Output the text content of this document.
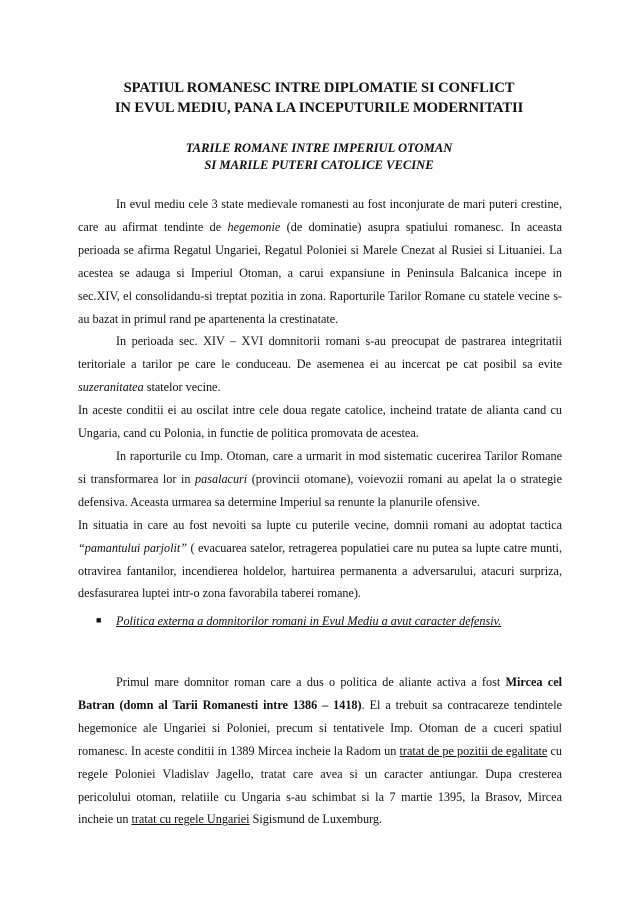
SPATIUL ROMANESC INTRE DIPLOMATIE SI CONFLICT
IN EVUL MEDIU, PANA LA INCEPUTURILE MODERNITATII
TARILE ROMANE INTRE IMPERIUL OTOMAN
SI MARILE PUTERI CATOLICE VECINE

In evul mediu cele 3 state medievale romanesti au fost inconjurate de mari puteri crestine, care au afirmat tendinte de hegemonie (de dominatie) asupra spatiului romanesc. In aceasta perioada se afirma Regatul Ungariei, Regatul Poloniei si Marele Cnezat al Rusiei si Lituaniei. La acestea se adauga si Imperiul Otoman, a carui expansiune in Peninsula Balcanica incepe in sec.XIV, el consolidandu-si treptat pozitia in zona. Raporturile Tarilor Romane cu statele vecine s-au bazat in primul rand pe apartenenta la crestinatate.

In perioada sec. XIV – XVI domnitorii romani s-au preocupat de pastrarea integritatii teritoriale a tarilor pe care le conduceau. De asemenea ei au incercat pe cat posibil sa evite suzeranitatea statelor vecine.

In aceste conditii ei au oscilat intre cele doua regate catolice, incheind tratate de alianta cand cu Ungaria, cand cu Polonia, in functie de politica promovata de acestea.

In raporturile cu Imp. Otoman, care a urmarit in mod sistematic cucerirea Tarilor Romane si transformarea lor in pasalacuri (provincii otomane), voievozii romani au apelat la o strategie defensiva. Aceasta urmarea sa determine Imperiul sa renunte la planurile ofensive.

In situatia in care au fost nevoiti sa lupte cu puterile vecine, domnii romani au adoptat tactica “pamantului parjolit” ( evacuarea satelor, retragerea populatiei care nu putea sa lupte catre munti, otravirea fantanilor, incendierea holdelor, hartuirea permanenta a adversarului, atacuri surpriza, desfasurarea luptei intr-o zona favorabila taberei romane).

■ Politica externa a domnitorilor romani in Evul Mediu a avut caracter defensiv.

Primul mare domnitor roman care a dus o politica de aliante activa a fost Mircea cel Batran (domn al Tarii Romanesti intre 1386 – 1418). El a trebuit sa contracareze tendintele hegemonice ale Ungariei si Poloniei, precum si tentativele Imp. Otoman de a cuceri spatiul romanesc. In aceste conditii in 1389 Mircea incheie la Radom un tratat de pe pozitii de egalitate cu regele Poloniei Vladislav Jagello, tratat care avea si un caracter antiungar. Dupa cresterea pericolului otoman, relatiile cu Ungaria s-au schimbat si la 7 martie 1395, la Brasov, Mircea incheie un tratat cu regele Ungariei Sigismund de Luxemburg.
